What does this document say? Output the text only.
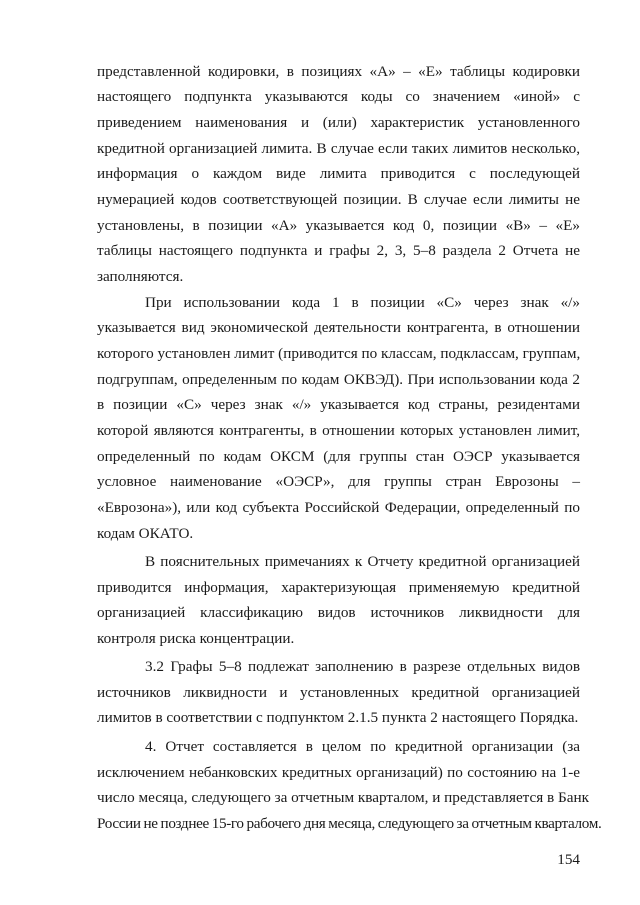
представленной кодировки, в позициях «А» – «Е» таблицы кодировки
настоящего подпункта указываются коды со значением «иной» с
приведением наименования и (или) характеристик установленного
кредитной организацией лимита. В случае если таких лимитов несколько,
информация о каждом виде лимита приводится с последующей
нумерацией кодов соответствующей позиции. В случае если лимиты не
установлены, в позиции «А» указывается код 0, позиции «В» – «Е»
таблицы настоящего подпункта и графы 2, 3, 5–8 раздела 2 Отчета не
заполняются.
При использовании кода 1 в позиции «С» через знак «/»
указывается вид экономической деятельности контрагента, в отношении
которого установлен лимит (приводится по классам, подклассам, группам,
подгруппам, определенным по кодам ОКВЭД). При использовании кода 2
в позиции «С» через знак «/» указывается код страны, резидентами
которой являются контрагенты, в отношении которых установлен лимит,
определенный по кодам ОКСМ (для группы стан ОЭСР указывается
условное наименование «ОЭСР», для группы стран Еврозоны –
«Еврозона»), или код субъекта Российской Федерации, определенный по
кодам ОКАТО.
В пояснительных примечаниях к Отчету кредитной организацией
приводится информация, характеризующая применяемую кредитной
организацией классификацию видов источников ликвидности для
контроля риска концентрации.
3.2 Графы 5–8 подлежат заполнению в разрезе отдельных видов
источников ликвидности и установленных кредитной организацией
лимитов в соответствии с подпунктом 2.1.5 пункта 2 настоящего Порядка.
4. Отчет составляется в целом по кредитной организации (за
исключением небанковских кредитных организаций) по состоянию на 1-е
число месяца, следующего за отчетным кварталом, и представляется в Банк
России не позднее 15-го рабочего дня месяца, следующего за отчетным кварталом.
154
